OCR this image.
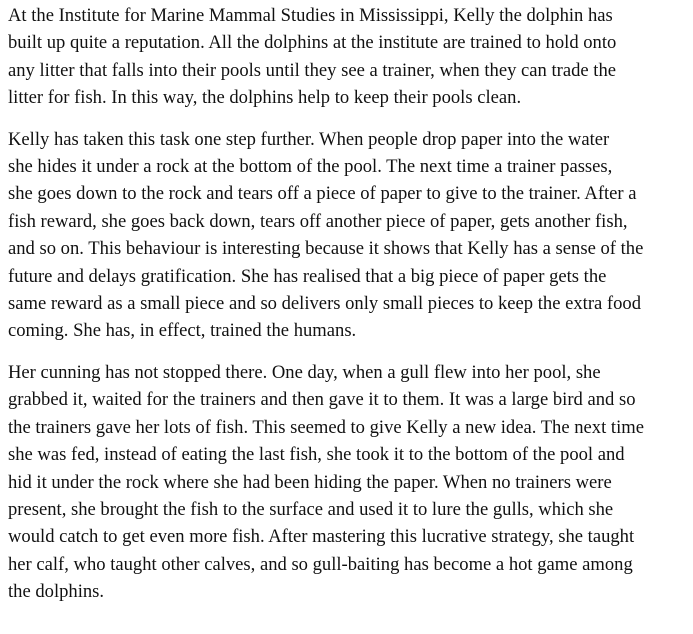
At the Institute for Marine Mammal Studies in Mississippi, Kelly the dolphin has
built up quite a reputation. All the dolphins at the institute are trained to hold onto
any litter that falls into their pools until they see a trainer, when they can trade the
litter for fish. In this way, the dolphins help to keep their pools clean.

Kelly has taken this task one step further. When people drop paper into the water
she hides it under a rock at the bottom of the pool. The next time a trainer passes,
she goes down to the rock and tears off a piece of paper to give to the trainer. After a
fish reward, she goes back down, tears off another piece of paper, gets another fish,
and so on. This behaviour is interesting because it shows that Kelly has a sense of the
future and delays gratification. She has realised that a big piece of paper gets the
same reward as a small piece and so delivers only small pieces to keep the extra food
coming. She has, in effect, trained the humans.

Her cunning has not stopped there. One day, when a gull flew into her pool, she
grabbed it, waited for the trainers and then gave it to them. It was a large bird and so
the trainers gave her lots of fish. This seemed to give Kelly a new idea. The next time
she was fed, instead of eating the last fish, she took it to the bottom of the pool and
hid it under the rock where she had been hiding the paper. When no trainers were
present, she brought the fish to the surface and used it to lure the gulls, which she
would catch to get even more fish. After mastering this lucrative strategy, she taught
her calf, who taught other calves, and so gull-baiting has become a hot game among
the dolphins.
